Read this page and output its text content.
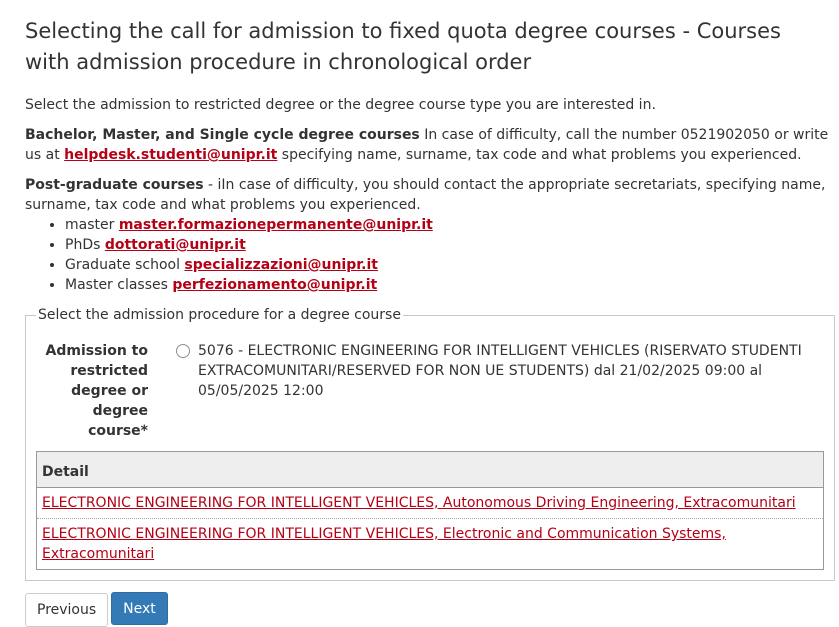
Selecting the call for admission to fixed quota degree courses - Courses with admission procedure in chronological order

Select the admission to restricted degree or the degree course type you are interested in.

Bachelor, Master, and Single cycle degree courses In case of difficulty, call the number 0521902050 or write us at helpdesk.studenti@unipr.it specifying name, surname, tax code and what problems you experienced.

Post-graduate courses - iIn case of difficulty, you should contact the appropriate secretariats, specifying name, surname, tax code and what problems you experienced.

• master master.formazionepermanente@unipr.it
• PhDs dottorati@unipr.it
• Graduate school specializzazioni@unipr.it
• Master classes perfezionamento@unipr.it
Select the admission procedure for a degree course
Admission to restricted degree or degree course*
5076 - ELECTRONIC ENGINEERING FOR INTELLIGENT VEHICLES (RISERVATO STUDENTI EXTRACOMUNITARI/RESERVED FOR NON UE STUDENTS) dal 21/02/2025 09:00 al 05/05/2025 12:00
Detail
ELECTRONIC ENGINEERING FOR INTELLIGENT VEHICLES, Autonomous Driving Engineering, Extracomunitari
ELECTRONIC ENGINEERING FOR INTELLIGENT VEHICLES, Electronic and Communication Systems, Extracomunitari
Previous	Next
